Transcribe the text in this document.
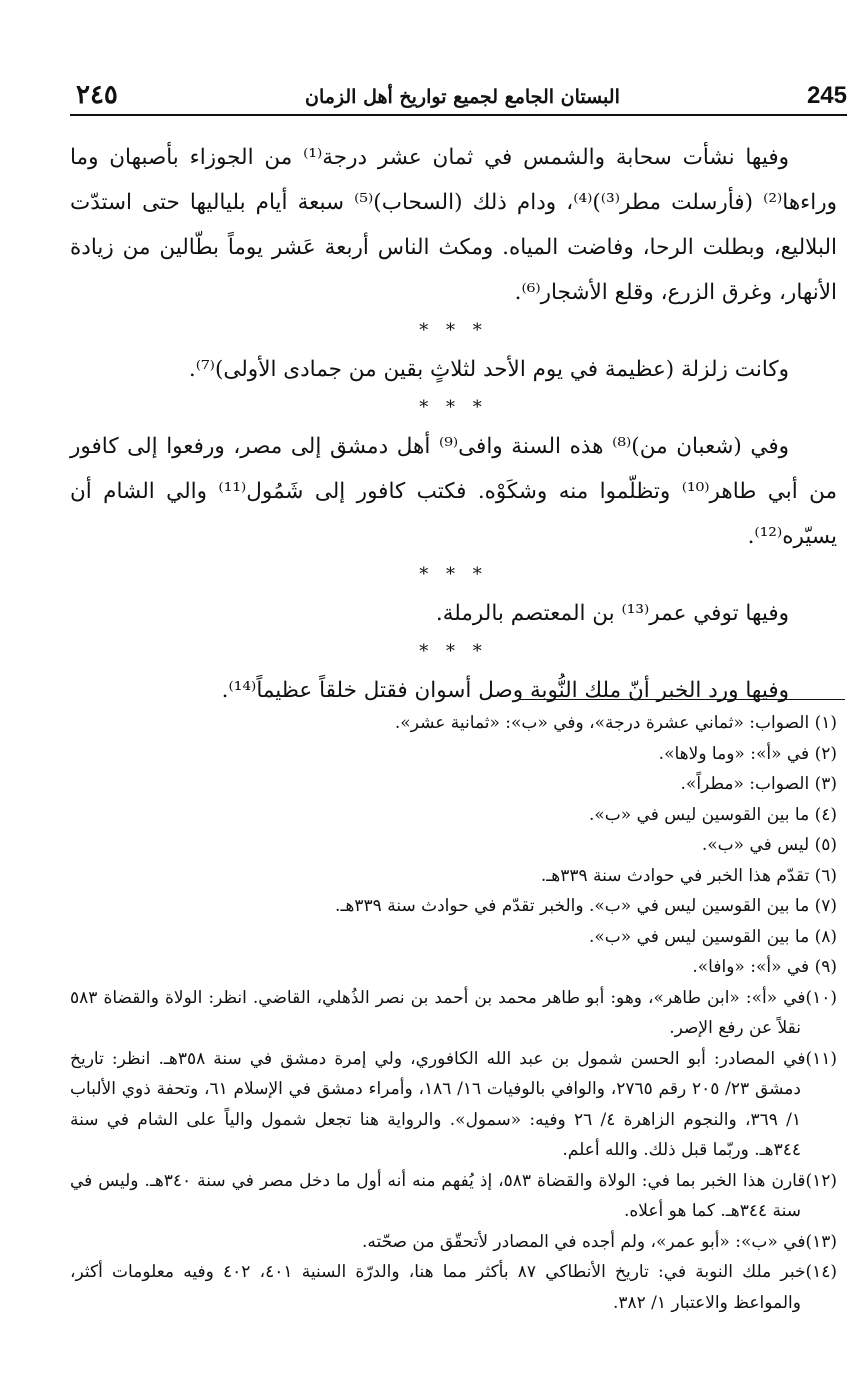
٢٤٥	البستان الجامع لجميع تواريخ أهل الزمان	245

وفيها نشأت سحابة والشمس في ثمان عشر درجة⁽¹⁾ من الجوزاء بأصبهان وما وراءها⁽²⁾ (فأرسلت مطر⁽³⁾)⁽⁴⁾، ودام ذلك (السحاب)⁽⁵⁾ سبعة أيام بلياليها حتى استدّت البلاليع، وبطلت الرحا، وفاضت المياه. ومكث الناس أربعة عَشر يوماً بطّالين من زيادة الأنهار، وغرق الزرع، وقلع الأشجار⁽⁶⁾.

* * *

وكانت زلزلة (عظيمة في يوم الأحد لثلاثٍ بقين من جمادى الأولى)⁽⁷⁾.

* * *

وفي (شعبان من)⁽⁸⁾ هذه السنة وافى⁽⁹⁾ أهل دمشق إلى مصر، ورفعوا إلى كافور من أبي طاهر⁽¹⁰⁾ وتظلّموا منه وشكَوْه. فكتب كافور إلى شَمُول⁽¹¹⁾ والي الشام أن يسيّره⁽¹²⁾.

* * *

وفيها توفي عمر⁽¹³⁾ بن المعتصم بالرملة.

* * *

وفيها ورد الخبر أنّ ملك النُّوبة وصل أسوان فقتل خلقاً عظيماً⁽¹⁴⁾.

(١) الصواب: «ثماني عشرة درجة»، وفي «ب»: «ثمانية عشر».

(٢) في «أ»: «وما ولاها».

(٣) الصواب: «مطراً».

(٤) ما بين القوسين ليس في «ب».

(٥) ليس في «ب».

(٦) تقدّم هذا الخبر في حوادث سنة ٣٣٩هـ.

(٧) ما بين القوسين ليس في «ب». والخبر تقدّم في حوادث سنة ٣٣٩هـ.

(٨) ما بين القوسين ليس في «ب».

(٩) في «أ»: «وافا».

(١٠)في «أ»: «ابن طاهر»، وهو: أبو طاهر محمد بن أحمد بن نصر الذُهلي، القاضي. انظر: الولاة والقضاة ٥٨٣ نقلاً عن رفع الإصر.

(١١)في المصادر: أبو الحسن شمول بن عبد الله الكافوري، ولي إمرة دمشق في سنة ٣٥٨هـ. انظر: تاريخ دمشق ٢٣/ ٢٠٥ رقم ٢٧٦٥، والوافي بالوفيات ١٦/ ١٨٦، وأمراء دمشق في الإسلام ٦١، وتحفة ذوي الألباب ١/ ٣٦٩، والنجوم الزاهرة ٤/ ٢٦ وفيه: «سمول». والرواية هنا تجعل شمول والياً على الشام في سنة ٣٤٤هـ. وربّما قبل ذلك. والله أعلم.

(١٢)قارن هذا الخبر بما في: الولاة والقضاة ٥٨٣، إذ يُفهم منه أنه أول ما دخل مصر في سنة ٣٤٠هـ. وليس في سنة ٣٤٤هـ. كما هو أعلاه.

(١٣)في «ب»: «أبو عمر»، ولم أجده في المصادر لأتحقّق من صحّته.

(١٤)خبر ملك النوبة في: تاريخ الأنطاكي ٨٧ بأكثر مما هنا، والدرّة السنية ٤٠١، ٤٠٢ وفيه معلومات أكثر، والمواعظ والاعتبار ١/ ٣٨٢.
